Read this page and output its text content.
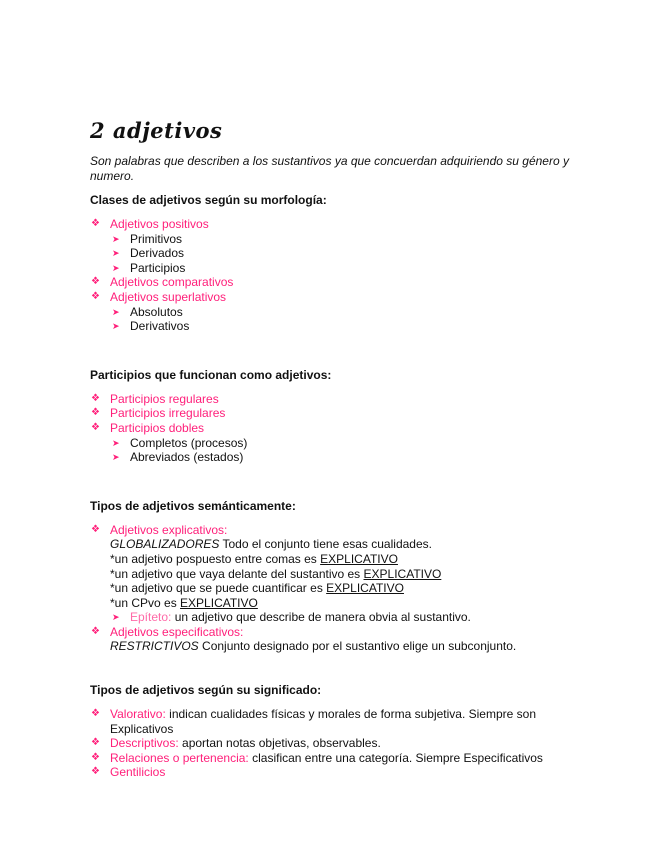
2 adjetivos

Son palabras que describen a los sustantivos ya que concuerdan adquiriendo su género y numero.

Clases de adjetivos según su morfología:
❖ Adjetivos positivos
➤ Primitivos
➤ Derivados
➤ Participios
❖ Adjetivos comparativos
❖ Adjetivos superlativos
➤ Absolutos
➤ Derivativos
Participios que funcionan como adjetivos:
❖ Participios regulares
❖ Participios irregulares
❖ Participios dobles
➤ Completos (procesos)
➤ Abreviados (estados)
Tipos de adjetivos semánticamente:
❖ Adjetivos explicativos:
GLOBALIZADORES Todo el conjunto tiene esas cualidades.
*un adjetivo pospuesto entre comas es EXPLICATIVO
*un adjetivo que vaya delante del sustantivo es EXPLICATIVO
*un adjetivo que se puede cuantificar es EXPLICATIVO
*un CPvo es EXPLICATIVO
➤ Epíteto: un adjetivo que describe de manera obvia al sustantivo.
❖ Adjetivos especificativos:
RESTRICTIVOS Conjunto designado por el sustantivo elige un subconjunto.
Tipos de adjetivos según su significado:
❖ Valorativo: indican cualidades físicas y morales de forma subjetiva. Siempre son Explicativos
❖ Descriptivos: aportan notas objetivas, observables.
❖ Relaciones o pertenencia: clasifican entre una categoría. Siempre Especificativos
❖ Gentilicios
